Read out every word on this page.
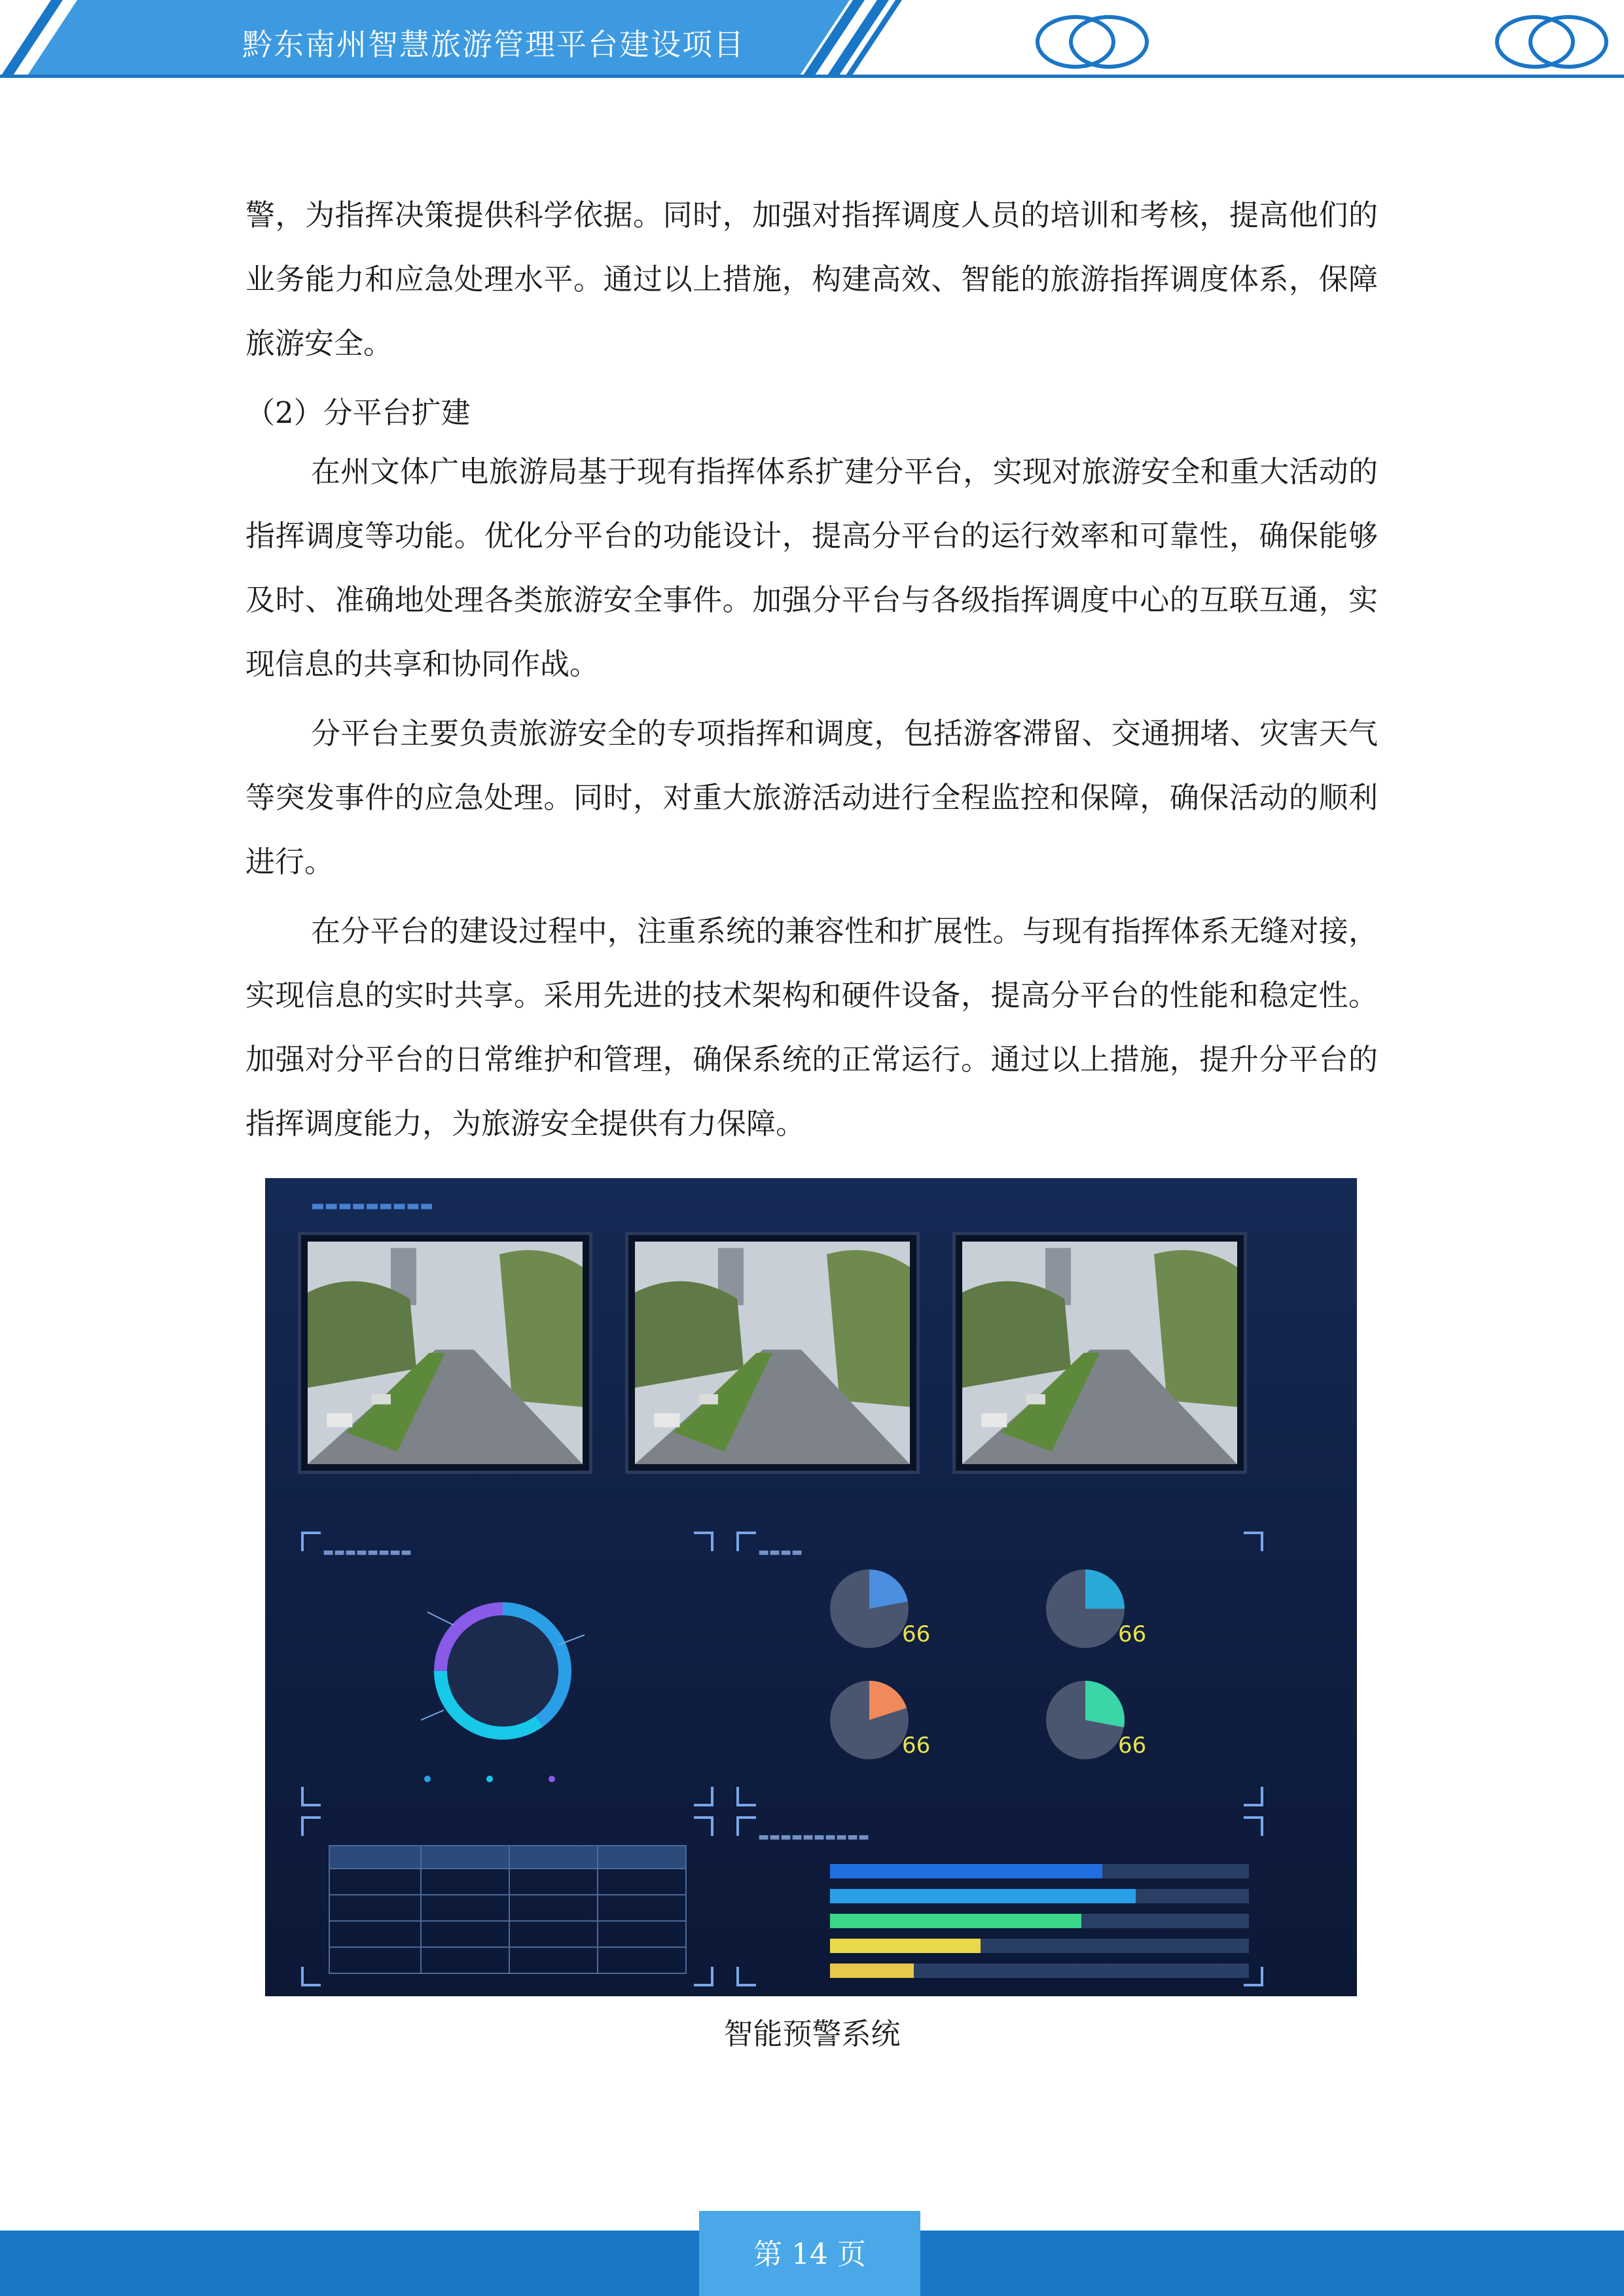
黔东南州智慧旅游管理平台建设项目

警，为指挥决策提供科学依据。同时，加强对指挥调度人员的培训和考核，提高他们的业务能力和应急处理水平。通过以上措施，构建高效、智能的旅游指挥调度体系，保障旅游安全。

（2）分平台扩建

在州文体广电旅游局基于现有指挥体系扩建分平台，实现对旅游安全和重大活动的指挥调度等功能。优化分平台的功能设计，提高分平台的运行效率和可靠性，确保能够及时、准确地处理各类旅游安全事件。加强分平台与各级指挥调度中心的互联互通，实现信息的共享和协同作战。

分平台主要负责旅游安全的专项指挥和调度，包括游客滞留、交通拥堵、灾害天气等突发事件的应急处理。同时，对重大旅游活动进行全程监控和保障，确保活动的顺利进行。

在分平台的建设过程中，注重系统的兼容性和扩展性。与现有指挥体系无缝对接，实现信息的实时共享。采用先进的技术架构和硬件设备，提高分平台的性能和稳定性。加强对分平台的日常维护和管理，确保系统的正常运行。通过以上措施，提升分平台的指挥调度能力，为旅游安全提供有力保障。

▬▬▬▬▬▬▬▬▬
▬▬▬▬▬▬▬▬	▬▬▬▬
66	66
66	66
▬▬▬▬▬▬▬▬▬▬
智能预警系统
第 14 页
